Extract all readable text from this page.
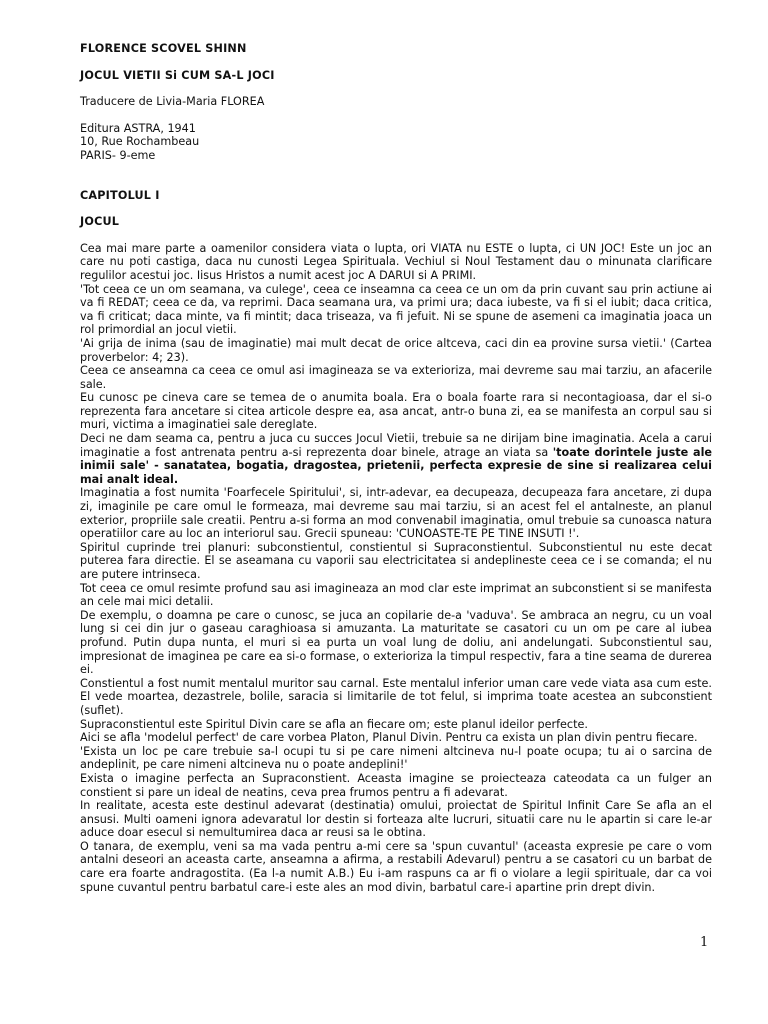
FLORENCE SCOVEL SHINN
JOCUL VIETII Si CUM SA-L JOCI
Traducere de Livia-Maria FLOREA
Editura ASTRA, 1941
10, Rue Rochambeau
PARIS- 9-eme
CAPITOLUL I
JOCUL

Cea mai mare parte a oamenilor considera viata o lupta, ori VIATA nu ESTE o lupta, ci UN JOC! Este un joc an care nu poti castiga, daca nu cunosti Legea Spirituala. Vechiul si Noul Testament dau o minunata clarificare regulilor acestui joc. Iisus Hristos a numit acest joc A DARUI si A PRIMI.

'Tot ceea ce un om seamana, va culege', ceea ce inseamna ca ceea ce un om da prin cuvant sau prin actiune ai va fi REDAT; ceea ce da, va reprimi. Daca seamana ura, va primi ura; daca iubeste, va fi si el iubit; daca critica, va fi criticat; daca minte, va fi mintit; daca triseaza, va fi jefuit. Ni se spune de asemeni ca imaginatia joaca un rol primordial an jocul vietii.

'Ai grija de inima (sau de imaginatie) mai mult decat de orice altceva, caci din ea provine sursa vietii.' (Cartea proverbelor: 4; 23).

Ceea ce anseamna ca ceea ce omul asi imagineaza se va exterioriza, mai devreme sau mai tarziu, an afacerile sale.

Eu cunosc pe cineva care se temea de o anumita boala. Era o boala foarte rara si necontagioasa, dar el si-o reprezenta fara ancetare si citea articole despre ea, asa ancat, antr-o buna zi, ea se manifesta an corpul sau si muri, victima a imaginatiei sale dereglate.

Deci ne dam seama ca, pentru a juca cu succes Jocul Vietii, trebuie sa ne dirijam bine imaginatia. Acela a carui imaginatie a fost antrenata pentru a-si reprezenta doar binele, atrage an viata sa 'toate dorintele juste ale inimii sale' - sanatatea, bogatia, dragostea, prietenii, perfecta expresie de sine si realizarea celui mai analt ideal.

Imaginatia a fost numita 'Foarfecele Spiritului', si, intr-adevar, ea decupeaza, decupeaza fara ancetare, zi dupa zi, imaginile pe care omul le formeaza, mai devreme sau mai tarziu, si an acest fel el antalneste, an planul exterior, propriile sale creatii. Pentru a-si forma an mod convenabil imaginatia, omul trebuie sa cunoasca natura operatiilor care au loc an interiorul sau. Grecii spuneau: 'CUNOASTE-TE PE TINE INSUTI !'.

Spiritul cuprinde trei planuri: subconstientul, constientul si Supraconstientul. Subconstientul nu este decat puterea fara directie. El se aseamana cu vaporii sau electricitatea si andeplineste ceea ce i se comanda; el nu are putere intrinseca.

Tot ceea ce omul resimte profund sau asi imagineaza an mod clar este imprimat an subconstient si se manifesta an cele mai mici detalii.

De exemplu, o doamna pe care o cunosc, se juca an copilarie de-a 'vaduva'. Se ambraca an negru, cu un voal lung si cei din jur o gaseau caraghioasa si amuzanta. La maturitate se casatori cu un om pe care al iubea profund. Putin dupa nunta, el muri si ea purta un voal lung de doliu, ani andelungati. Subconstientul sau, impresionat de imaginea pe care ea si-o formase, o exterioriza la timpul respectiv, fara a tine seama de durerea ei.

Constientul a fost numit mentalul muritor sau carnal. Este mentalul inferior uman care vede viata asa cum este. El vede moartea, dezastrele, bolile, saracia si limitarile de tot felul, si imprima toate acestea an subconstient (suflet).

Supraconstientul este Spiritul Divin care se afla an fiecare om; este planul ideilor perfecte.

Aici se afla 'modelul perfect' de care vorbea Platon, Planul Divin. Pentru ca exista un plan divin pentru fiecare.

'Exista un loc pe care trebuie sa-l ocupi tu si pe care nimeni altcineva nu-l poate ocupa; tu ai o sarcina de andeplinit, pe care nimeni altcineva nu o poate andeplini!'

Exista o imagine perfecta an Supraconstient. Aceasta imagine se proiecteaza cateodata ca un fulger an constient si pare un ideal de neatins, ceva prea frumos pentru a fi adevarat.

In realitate, acesta este destinul adevarat (destinatia) omului, proiectat de Spiritul Infinit Care Se afla an el ansusi. Multi oameni ignora adevaratul lor destin si forteaza alte lucruri, situatii care nu le apartin si care le-ar aduce doar esecul si nemultumirea daca ar reusi sa le obtina.

O tanara, de exemplu, veni sa ma vada pentru a-mi cere sa 'spun cuvantul' (aceasta expresie pe care o vom antalni deseori an aceasta carte, anseamna a afirma, a restabili Adevarul) pentru a se casatori cu un barbat de care era foarte andragostita. (Ea l-a numit A.B.) Eu i-am raspuns ca ar fi o violare a legii spirituale, dar ca voi spune cuvantul pentru barbatul care-i este ales an mod divin, barbatul care-i apartine prin drept divin.

1
